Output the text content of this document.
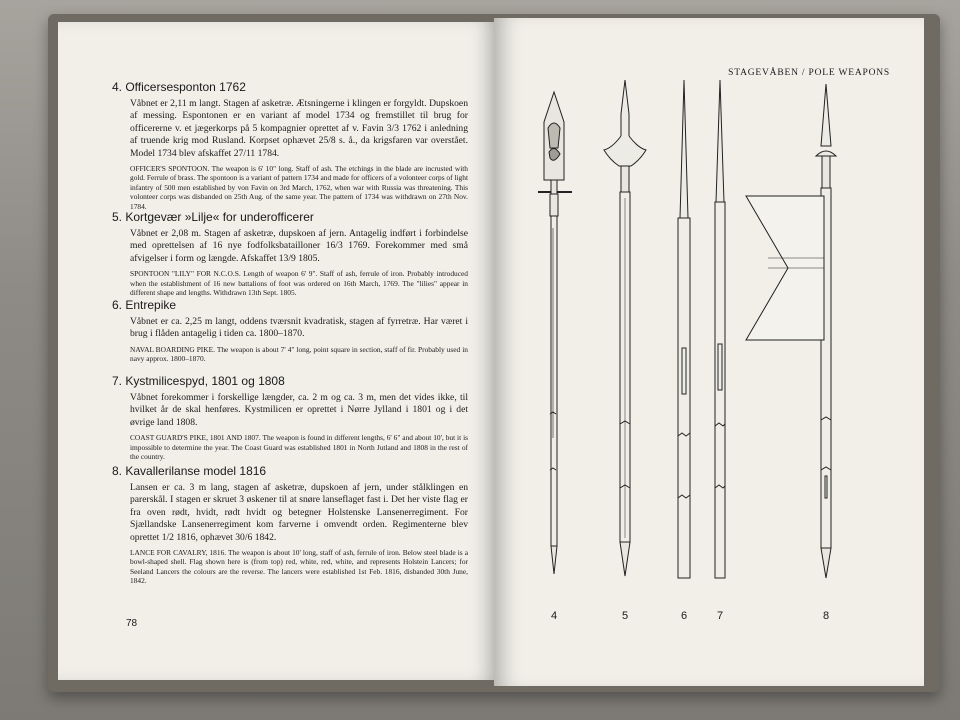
4. Officersesponton 1762

Våbnet er 2,11 m langt. Stagen af asketræ. Ætsningerne i klingen er forgyldt. Dupskoen af messing. Espontonen er en variant af model 1734 og fremstillet til brug for officererne v. et jægerkorps på 5 kompagnier oprettet af v. Favin 3/3 1762 i anledning af truende krig mod Rusland. Korpset ophævet 25/8 s. å., da krigsfaren var overstået. Model 1734 blev afskaffet 27/11 1784.

OFFICER'S SPONTOON. The weapon is 6' 10" long. Staff of ash. The etchings in the blade are incrusted with gold. Ferrule of brass. The spontoon is a variant of pattern 1734 and made for officers of a volonteer corps of light infantry of 500 men established by von Favin on 3rd March, 1762, when war with Russia was threatening. This volonteer corps was disbanded on 25th Aug. of the same year. The pattern of 1734 was withdrawn on 27th Nov. 1784.

5. Kortgevær »Lilje« for underofficerer

Våbnet er 2,08 m. Stagen af asketræ, dupskoen af jern. Antagelig indført i forbindelse med oprettelsen af 16 nye fodfolksbataillоner 16/3 1769. Forekommer med små afvigelser i form og længde. Afskaffet 13/9 1805.

SPONTOON "LILY" FOR N.C.O.S. Length of weapon 6' 9". Staff of ash, ferrule of iron. Probably introduced when the establishment of 16 new battalions of foot was ordered on 16th March, 1769. The "lilies" appear in different shape and lengths. Withdrawn 13th Sept. 1805.

6. Entrepike

Våbnet er ca. 2,25 m langt, oddens tværsnit kvadratisk, stagen af fyrretræ. Har været i brug i flåden antagelig i tiden ca. 1800–1870.

NAVAL BOARDING PIKE. The weapon is about 7' 4" long, point square in section, staff of fir. Probably used in navy approx. 1800–1870.

7. Kystmilicespyd, 1801 og 1808

Våbnet forekommer i forskellige længder, ca. 2 m og ca. 3 m, men det vides ikke, til hvilket år de skal henføres. Kystmilicen er oprettet i Nørre Jylland i 1801 og i det øvrige land 1808.

COAST GUARD'S PIKE, 1801 AND 1807. The weapon is found in different lengths, 6' 6" and about 10', but it is impossible to determine the year. The Coast Guard was established 1801 in North Jutland and 1808 in the rest of the country.

8. Kavallerilanse model 1816

Lansen er ca. 3 m lang, stagen af asketræ, dupskoen af jern, under stålklingen en parerskål. I stagen er skruet 3 øskener til at snøre lanseflaget fast i. Det her viste flag er fra oven rødt, hvidt, rødt hvidt og betegner Holstenske Lansenerregiment. For Sjællandske Lansenerregiment kom farverne i omvendt orden. Regimenterne blev oprettet 1/2 1816, ophævet 30/6 1842.

LANCE FOR CAVALRY, 1816. The weapon is about 10' long, staff of ash, ferrule of iron. Below steel blade is a bowl-shaped shell. Flag shown here is (from top) red, white, red, white, and represents Holstein Lancers; for Seeland Lancers the colours are the reverse. The lancers were established 1st Feb. 1816, disbanded 30th June, 1842.

78
STAGEVÅBEN / POLE WEAPONS
4	5	6	7	8
